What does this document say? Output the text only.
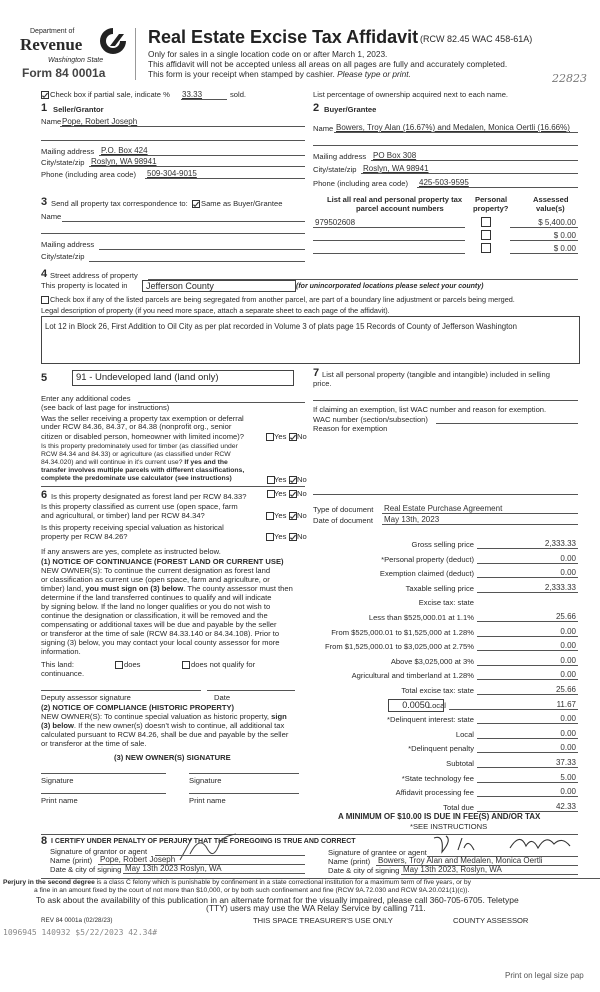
Department of
Revenue
Washington State
Form 84 0001a
Real Estate Excise Tax Affidavit (RCW 82.45 WAC 458-61A)
Only for sales in a single location code on or after March 1, 2023.
This affidavit will not be accepted unless all areas on all pages are fully and accurately completed.
This form is your receipt when stamped by cashier. Please type or print.	22823
Check box if partial sale, indicate % 33.33	sold.	List percentage of ownership acquired next to each name.
1 Seller/Grantor
Name Pope, Robert Joseph
Mailing address P.O. Box 424
City/state/zip Roslyn, WA 98941
Phone (including area code) 509-304-9015
2 Buyer/Grantee
Name Bowers, Troy Alan (16.67%) and Medalen, Monica Oertli (16.66%)
Mailing address PO Box 308
City/state/zip Roslyn, WA 98941
Phone (including area code) 425-503-9595
3 Send all property tax correspondence to: Same as Buyer/Grantee
Name
Mailing address
City/state/zip
List all real and personal property tax
parcel account numbers
Personal
property?
Assessed
value(s)
979502608	$ 5,400.00
$ 0.00
$ 0.00
4 Street address of property
This property is located in Jefferson County	(for unincorporated locations please select your county)
Check box if any of the listed parcels are being segregated from another parcel, are part of a boundary line adjustment or parcels being merged.
Legal description of property (if you need more space, attach a separate sheet to each page of the affidavit).
Lot 12 in Block 26, First Addition to Oil City as per plat recorded in Volume 3 of plats page 15 Records of County of Jefferson Washington
5	91 - Undeveloped land (land only)
Enter any additional codes
(see back of last page for instructions)
Was the seller receiving a property tax exemption or deferral
under RCW 84.36, 84.37, or 84.38 (nonprofit org., senior
citizen or disabled person, homeowner with limited income)?	Yes No
Is this property predominately used for timber (as classified under
RCW 84.34 and 84.33) or agriculture (as classified under RCW
84.34.020) and will continue in it's current use? If yes and the
transfer involves multiple parcels with different classifications,
complete the predominate use calculator (see instructions)	Yes No
6 Is this property designated as forest land per RCW 84.33?	Yes No
Is this property classified as current use (open space, farm
and agricultural, or timber) land per RCW 84.34?	Yes No
Is this property receiving special valuation as historical
property per RCW 84.26?	Yes No
If any answers are yes, complete as instructed below.
(1) NOTICE OF CONTINUANCE (FOREST LAND OR CURRENT USE)
NEW OWNER(S): To continue the current designation as forest land
or classification as current use (open space, farm and agriculture, or
timber) land, you must sign on (3) below. The county assessor must then
determine if the land transferred continues to qualify and will indicate
by signing below. If the land no longer qualifies or you do not wish to
continue the designation or classification, it will be removed and the
compensating or additional taxes will be due and payable by the seller
or transferor at the time of sale (RCW 84.33.140 or 84.34.108). Prior to
signing (3) below, you may contact your local county assessor for more
information.
This land:	does	does not qualify for
continuance.
Deputy assessor signature	Date
(2) NOTICE OF COMPLIANCE (HISTORIC PROPERTY)
NEW OWNER(S): To continue special valuation as historic property, sign
(3) below. If the new owner(s) doesn't wish to continue, all additional tax
calculated pursuant to RCW 84.26, shall be due and payable by the seller
or transferor at the time of sale.
(3) NEW OWNER(S) SIGNATURE
Signature	Signature
Print name	Print name
7 List all personal property (tangible and intangible) included in selling
price.
If claiming an exemption, list WAC number and reason for exemption.
WAC number (section/subsection)
Reason for exemption
Type of document Real Estate Purchase Agreement
Date of document May 13th, 2023
Gross selling price	2,333.33
*Personal property (deduct)	0.00
Exemption claimed (deduct)	0.00
Taxable selling price	2,333.33
Excise tax: state
Less than $525,000.01 at 1.1%	25.66
From $525,000.01 to $1,525,000 at 1.28%	0.00
From $1,525,000.01 to $3,025,000 at 2.75%	0.00
Above $3,025,000 at 3%	0.00
Agricultural and timberland at 1.28%	0.00
Total excise tax: state	25.66
Local	11.67
*Delinquent interest: state	0.00
Local	0.00
*Delinquent penalty	0.00
Subtotal	37.33
*State technology fee	5.00
Affidavit processing fee	0.00
Total due	42.33
0.0050
A MINIMUM OF $10.00 IS DUE IN FEE(S) AND/OR TAX
*SEE INSTRUCTIONS
8 I CERTIFY UNDER PENALTY OF PERJURY THAT THE FOREGOING IS TRUE AND CORRECT
Signature of grantor or agent
Name (print) Pope, Robert Joseph
Date & city of signing May 13th 2023 Roslyn, WA
Signature of grantee or agent
Name (print) Bowers, Troy Alan and Medalen, Monica Oertli
Date & city of signing May 13th 2023, Roslyn, WA
Perjury in the second degree is a class C felony which is punishable by confinement in a state correctional institution for a maximum term of five years, or by
a fine in an amount fixed by the court of not more than $10,000, or by both such confinement and fine (RCW 9A.72.030 and RCW 9A.20.021(1)(c)).
To ask about the availability of this publication in an alternate format for the visually impaired, please call 360-705-6705. Teletype
(TTY) users may use the WA Relay Service by calling 711.
REV 84 0001a (02/28/23)	THIS SPACE TREASURER'S USE ONLY	COUNTY ASSESSOR
1096945 140932 $5/22/2023 42.34#
Print on legal size pap
